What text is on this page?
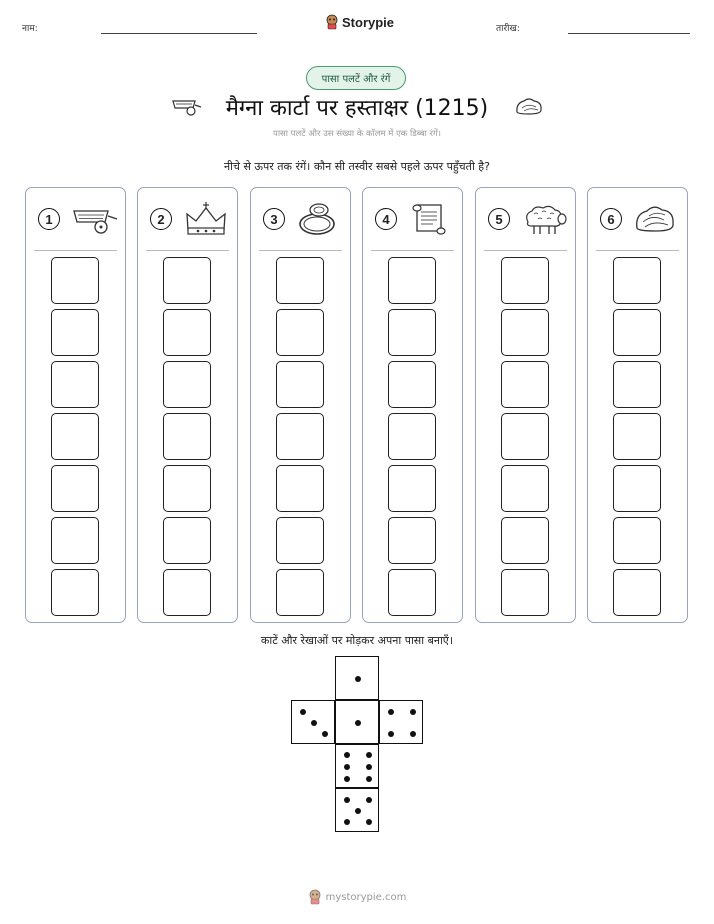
नाम:	Storypie	तारीख:
पासा पलटें और रंगें
मैग्ना कार्टा पर हस्ताक्षर (1215)
पासा पलटें और उस संख्या के कॉलम में एक डिब्बा रंगें।
नीचे से ऊपर तक रंगें। कौन सी तस्वीर सबसे पहले ऊपर पहुँचती है?
1	2	3	4	5	6
काटें और रेखाओं पर मोड़कर अपना पासा बनाएँ।
mystorypie.com
